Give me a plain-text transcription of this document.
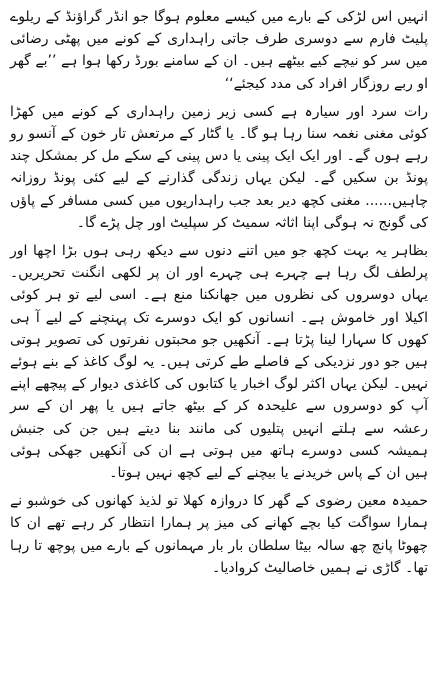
انہیں اس لڑکی کے بارے میں کیسے معلوم ہوگا جو انڈر گراؤنڈ کے ریلوے پلیٹ فارم سے دوسری طرف جاتی راہداری کے کونے میں پھٹی رضائی میں سر کو نیچے کیے بیٹھے ہیں۔ ان کے سامنے بورڈ رکھا ہوا ہے ’’بے گھر او ربے روزگار افراد کی مدد کیجئے‘‘

رات سرد اور سیارہ ہے کسی زیر زمین راہداری کے کونے میں کھڑا کوئی مغنی نغمہ سنا رہا ہو گا۔ یا گٹار کے مرتعش تار خون کے آنسو رو رہے ہوں گے۔ اور ایک ایک پینی یا دس پینی کے سکے مل کر بمشکل چند پونڈ بن سکیں گے۔ لیکن یہاں زندگی گذارنے کے لیے کئی پونڈ روزانہ چاہیں...... مغنی کچھ دیر بعد جب راہداریوں میں کسی مسافر کے پاؤں کی گونج نہ ہوگی اپنا اثاثہ سمیٹ کر سپلیٹ اور چل پڑے گا۔

بظاہر یہ بہت کچھ جو میں اتنے دنوں سے دیکھ رہی ہوں بڑا اچھا اور پرلطف لگ رہا ہے چہرے ہی چہرے اور ان پر لکھی انگنت تحریریں۔ یہاں دوسروں کی نظروں میں جھانکنا منع ہے۔ اسی لیے تو ہر کوئی اکیلا اور خاموش ہے۔ انسانوں کو ایک دوسرے تک پہنچنے کے لیے آ ہی کھوں کا سہارا لینا پڑتا ہے۔ آنکھیں جو محبتوں نفرتوں کی تصویر ہوتی ہیں جو دور نزدیکی کے فاصلے طے کرتی ہیں۔ یہ لوگ کاغذ کے بنے ہوئے نہیں۔ لیکن یہاں اکثر لوگ اخبار یا کتابوں کی کاغذی دیوار کے پیچھے اپنے آپ کو دوسروں سے علیحدہ کر کے بیٹھ جاتے ہیں یا پھر ان کے سر رعشہ سے ہلتے انہیں پتلیوں کی مانند بنا دیتے ہیں جن کی جنبش ہمیشہ کسی دوسرے ہاتھ میں ہوتی ہے ان کی آنکھیں جھکی ہوئی ہیں ان کے پاس خریدنے یا بیچنے کے لیے کچھ نہیں ہوتا۔

حمیدہ معین رضوی کے گھر کا دروازہ کھلا تو لذیذ کھانوں کی خوشبو نے ہمارا سواگت کیا بچے کھانے کی میز پر ہمارا انتظار کر رہے تھے ان کا چھوٹا پانچ چھ سالہ بیٹا سلطان بار بار مہمانوں کے بارے میں پوچھ تا رہا تھا۔ گاڑی نے ہمیں خاصالیٹ کروادیا۔
